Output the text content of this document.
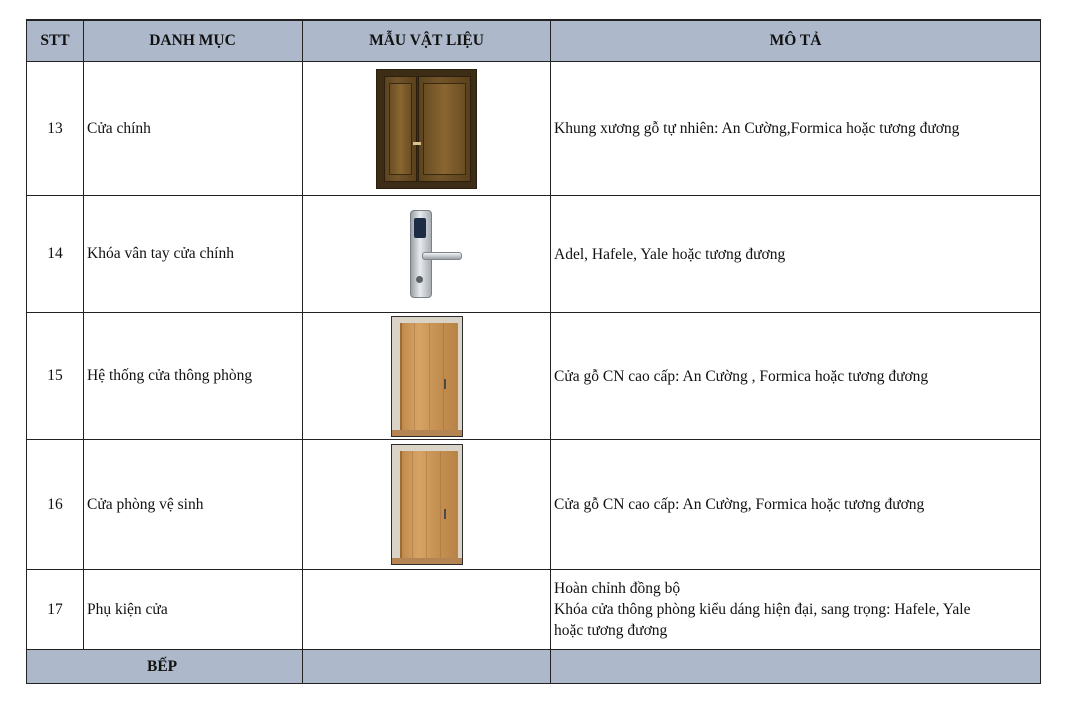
STT	DANH MỤC	MẪU VẬT LIỆU	MÔ TẢ
13	Cửa chính		Khung xương gỗ tự nhiên: An Cường,Formica hoặc tương đương

14	Khóa vân tay cửa chính		Adel, Hafele, Yale hoặc tương đương

15	Hệ thống cửa thông phòng		Cửa gỗ CN cao cấp: An Cường , Formica hoặc tương đương

16	Cửa phòng vệ sinh		Cửa gỗ CN cao cấp: An Cường, Formica hoặc tương đương

17	Phụ kiện cửa		Hoàn chỉnh đồng bộ
Khóa cửa thông phòng kiểu dáng hiện đại, sang trọng: Hafele, Yale
hoặc tương đương

BẾP			
